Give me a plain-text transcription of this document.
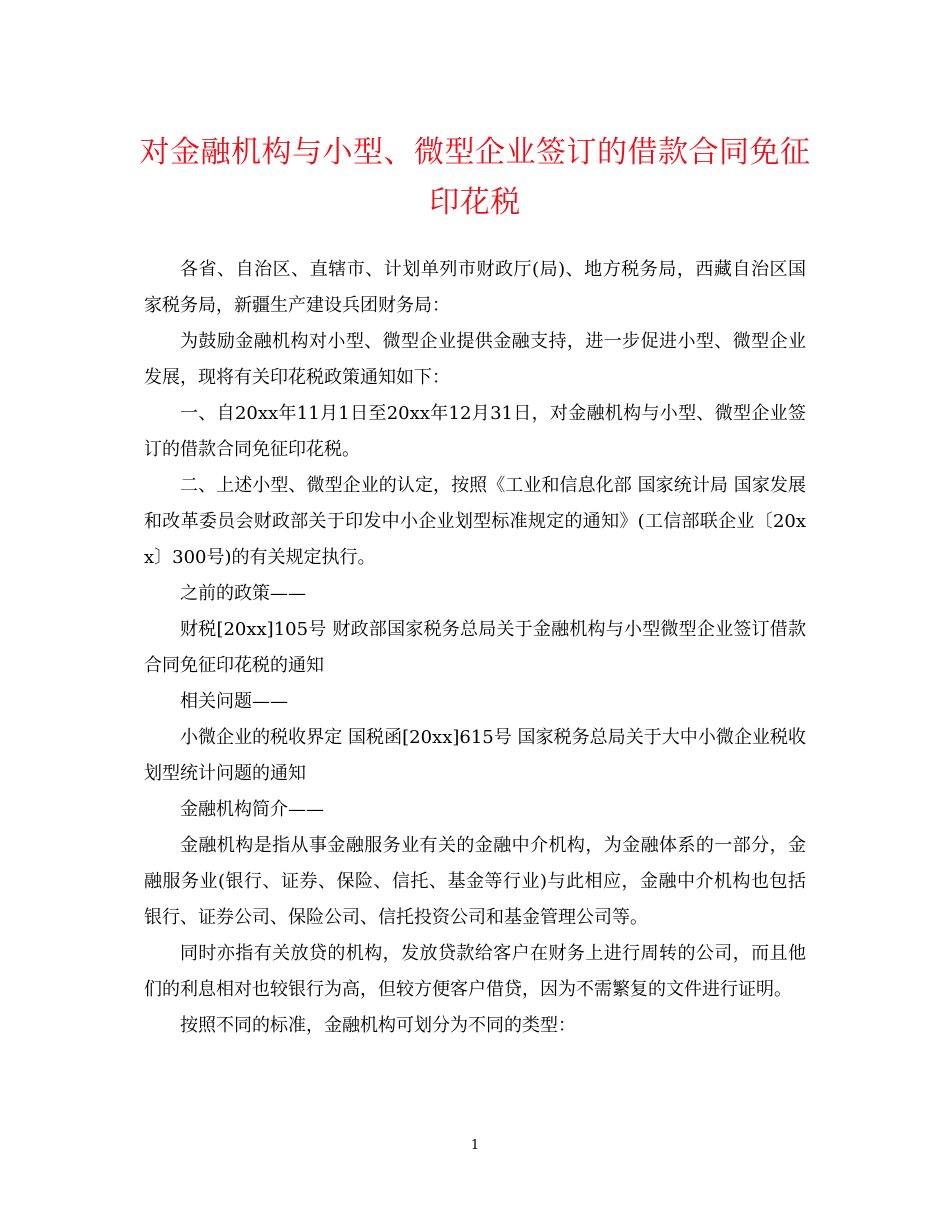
对金融机构与小型、微型企业签订的借款合同免征印花税

各省、自治区、直辖市、计划单列市财政厅(局)、地方税务局，西藏自治区国家税务局，新疆生产建设兵团财务局：

为鼓励金融机构对小型、微型企业提供金融支持，进一步促进小型、微型企业发展，现将有关印花税政策通知如下：

一、自20xx年11月1日至20xx年12月31日，对金融机构与小型、微型企业签订的借款合同免征印花税。

二、上述小型、微型企业的认定，按照《工业和信息化部 国家统计局 国家发展和改革委员会财政部关于印发中小企业划型标准规定的通知》(工信部联企业〔20xx〕300号)的有关规定执行。

之前的政策——

财税[20xx]105号 财政部国家税务总局关于金融机构与小型微型企业签订借款合同免征印花税的通知

相关问题——

小微企业的税收界定 国税函[20xx]615号 国家税务总局关于大中小微企业税收划型统计问题的通知

金融机构简介——

金融机构是指从事金融服务业有关的金融中介机构，为金融体系的一部分，金融服务业(银行、证券、保险、信托、基金等行业)与此相应，金融中介机构也包括银行、证券公司、保险公司、信托投资公司和基金管理公司等。

同时亦指有关放贷的机构，发放贷款给客户在财务上进行周转的公司，而且他们的利息相对也较银行为高，但较方便客户借贷，因为不需繁复的文件进行证明。

按照不同的标准，金融机构可划分为不同的类型：

1
